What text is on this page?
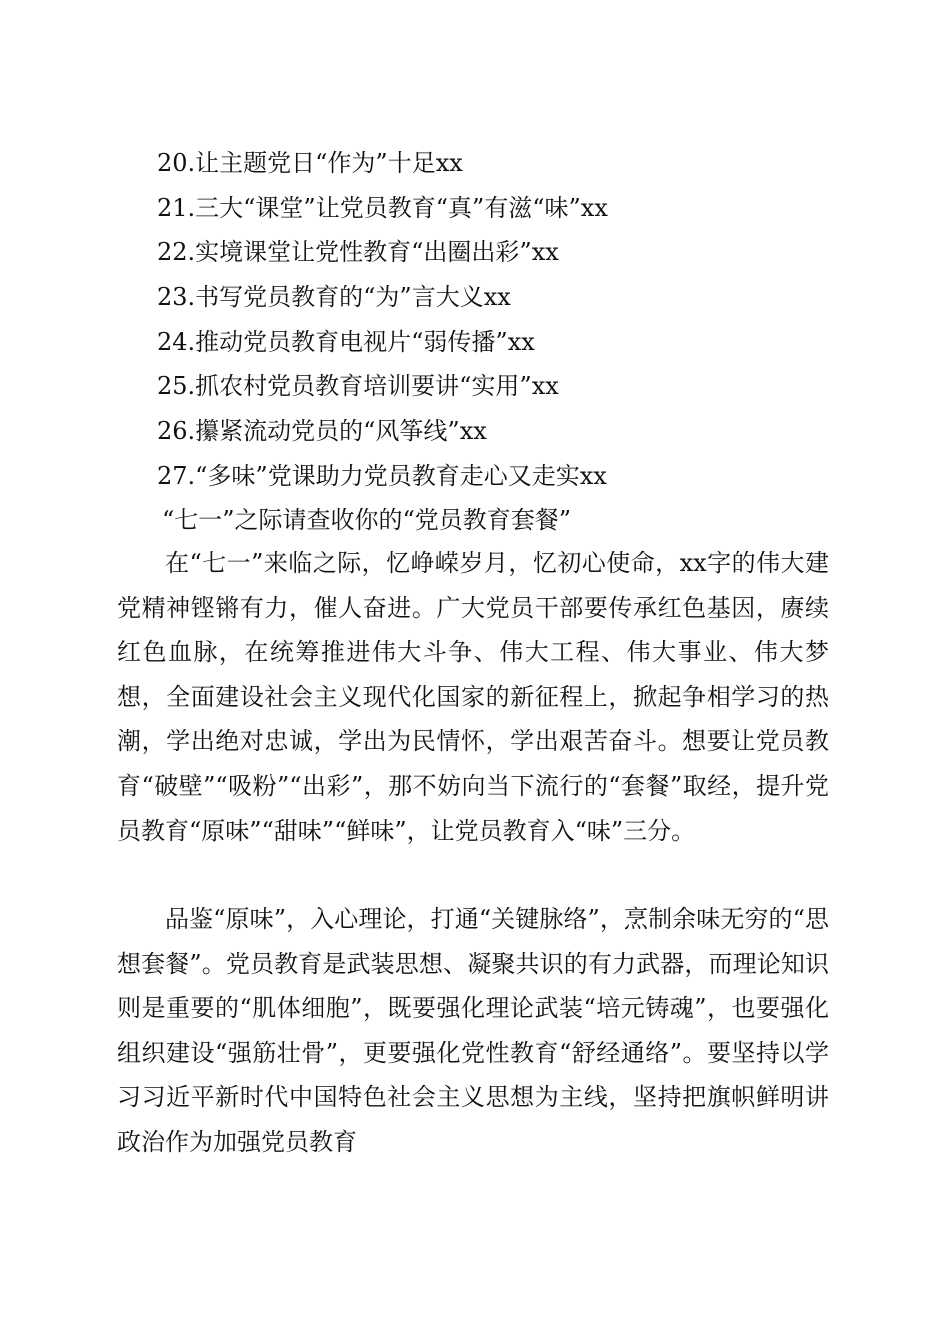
20.让主题党日“作为”十足xx
21.三大“课堂”让党员教育“真”有滋“味”xx
22.实境课堂让党性教育“出圈出彩”xx
23.书写党员教育的“为”言大义xx
24.推动党员教育电视片“弱传播”xx
25.抓农村党员教育培训要讲“实用”xx
26.攥紧流动党员的“风筝线”xx
27.“多味”党课助力党员教育走心又走实xx
“七一”之际请查收你的“党员教育套餐”

在“七一”来临之际，忆峥嵘岁月，忆初心使命，xx字的伟大建党精神铿锵有力，催人奋进。广大党员干部要传承红色基因，赓续红色血脉，在统筹推进伟大斗争、伟大工程、伟大事业、伟大梦想，全面建设社会主义现代化国家的新征程上，掀起争相学习的热潮，学出绝对忠诚，学出为民情怀，学出艰苦奋斗。想要让党员教育“破壁”“吸粉”“出彩”，那不妨向当下流行的“套餐”取经，提升党员教育“原味”“甜味”“鲜味”，让党员教育入“味”三分。

品鉴“原味”，入心理论，打通“关键脉络”，烹制余味无穷的“思想套餐”。党员教育是武装思想、凝聚共识的有力武器，而理论知识则是重要的“肌体细胞”，既要强化理论武装“培元铸魂”，也要强化组织建设“强筋壮骨”，更要强化党性教育“舒经通络”。要坚持以学习习近平新时代中国特色社会主义思想为主线，坚持把旗帜鲜明讲政治作为加强党员教育
